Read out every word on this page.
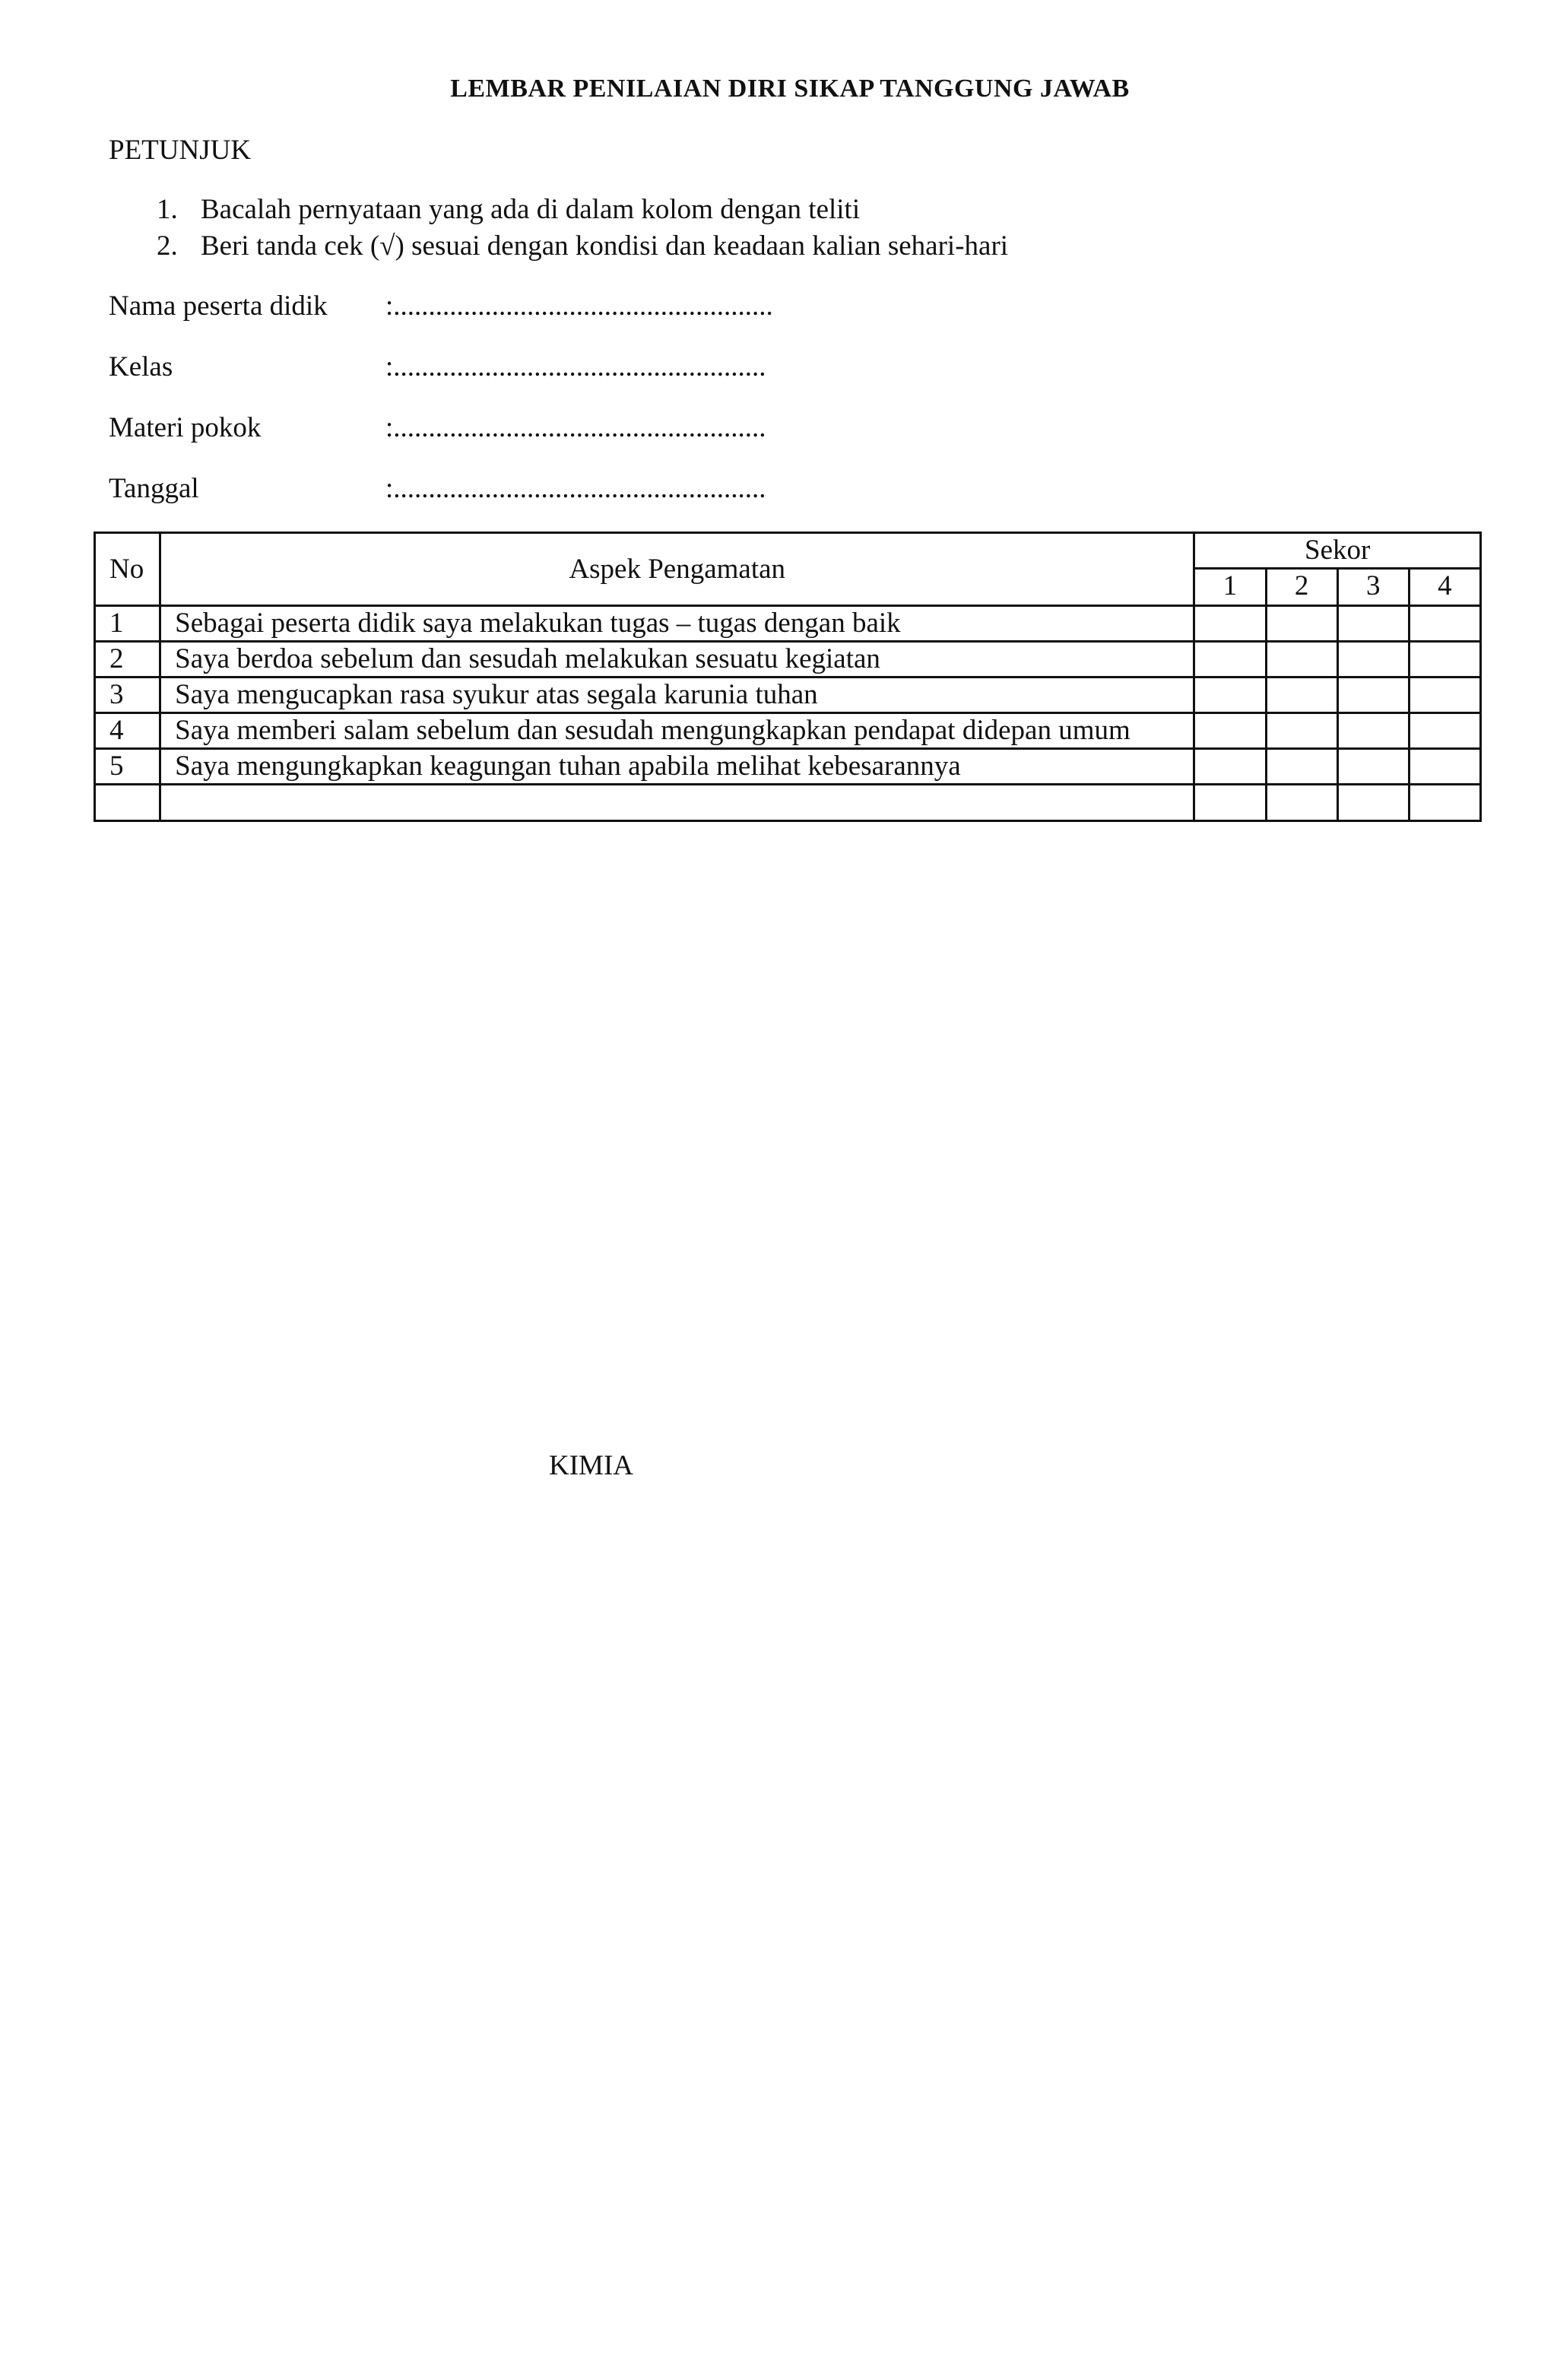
LEMBAR PENILAIAN DIRI SIKAP TANGGUNG JAWAB
PETUNJUK
1. Bacalah pernyataan yang ada di dalam kolom dengan teliti
2. Beri tanda cek (√) sesuai dengan kondisi dan keadaan kalian sehari-hari
Nama peserta didik :......................................................
Kelas	:.....................................................
Materi pokok	:.....................................................
Tanggal	:.....................................................
No	Aspek Pengamatan	Sekor			
		1	2	3	4
1	Sebagai peserta didik saya melakukan tugas – tugas dengan baik				
2	Saya berdoa sebelum dan sesudah melakukan sesuatu kegiatan				
3	Saya mengucapkan rasa syukur atas segala karunia tuhan				
4	Saya memberi salam sebelum dan sesudah mengungkapkan pendapat didepan umum				
5	Saya mengungkapkan keagungan tuhan apabila melihat kebesarannya				

KIMIA
